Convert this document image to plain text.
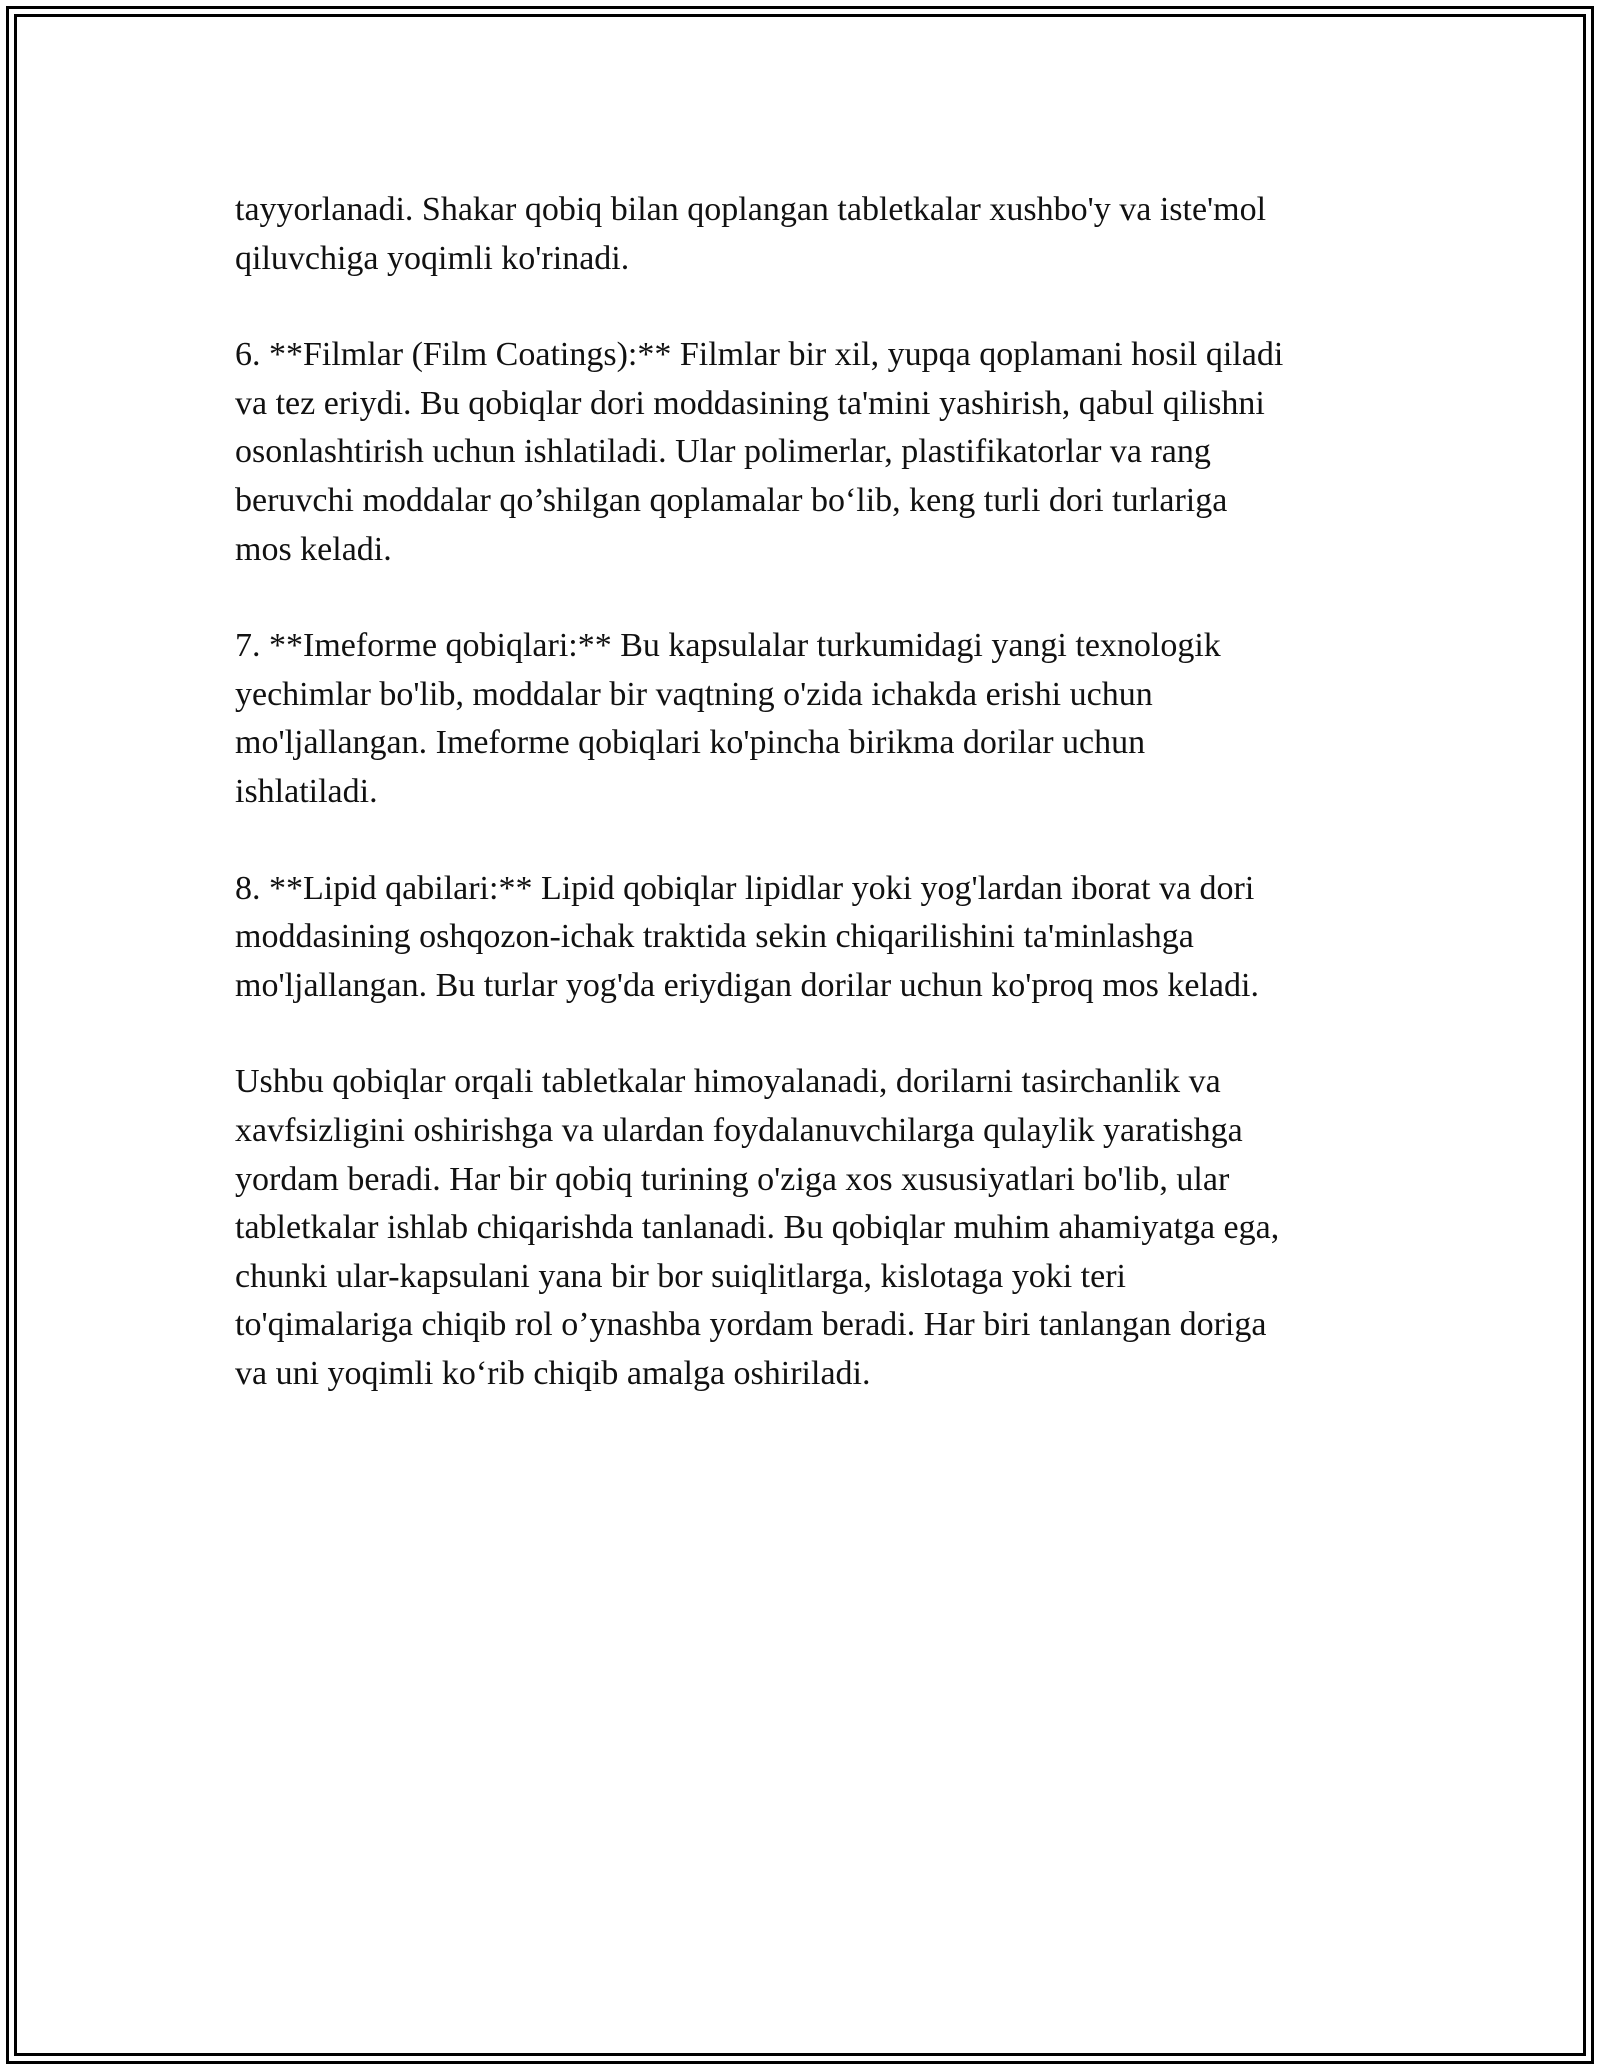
tayyorlanadi. Shakar qobiq bilan qoplangan tabletkalar xushbo'y va iste'mol
qiluvchiga yoqimli ko'rinadi.

6. **Filmlar (Film Coatings):** Filmlar bir xil, yupqa qoplamani hosil qiladi
va tez eriydi. Bu qobiqlar dori moddasining ta'mini yashirish, qabul qilishni
osonlashtirish uchun ishlatiladi. Ular polimerlar, plastifikatorlar va rang
beruvchi moddalar qo’shilgan qoplamalar bo‘lib, keng turli dori turlariga
mos keladi.

7. **Imeforme qobiqlari:** Bu kapsulalar turkumidagi yangi texnologik
yechimlar bo'lib, moddalar bir vaqtning o'zida ichakda erishi uchun
mo'ljallangan. Imeforme qobiqlari ko'pincha birikma dorilar uchun
ishlatiladi.

8. **Lipid qabilari:** Lipid qobiqlar lipidlar yoki yog'lardan iborat va dori
moddasining oshqozon-ichak traktida sekin chiqarilishini ta'minlashga
mo'ljallangan. Bu turlar yog'da eriydigan dorilar uchun ko'proq mos keladi.

Ushbu qobiqlar orqali tabletkalar himoyalanadi, dorilarni tasirchanlik va
xavfsizligini oshirishga va ulardan foydalanuvchilarga qulaylik yaratishga
yordam beradi. Har bir qobiq turining o'ziga xos xususiyatlari bo'lib, ular
tabletkalar ishlab chiqarishda tanlanadi. Bu qobiqlar muhim ahamiyatga ega,
chunki ular-kapsulani yana bir bor suiqlitlarga, kislotaga yoki teri
to'qimalariga chiqib rol o’ynashba yordam beradi. Har biri tanlangan doriga
va uni yoqimli ko‘rib chiqib amalga oshiriladi.
